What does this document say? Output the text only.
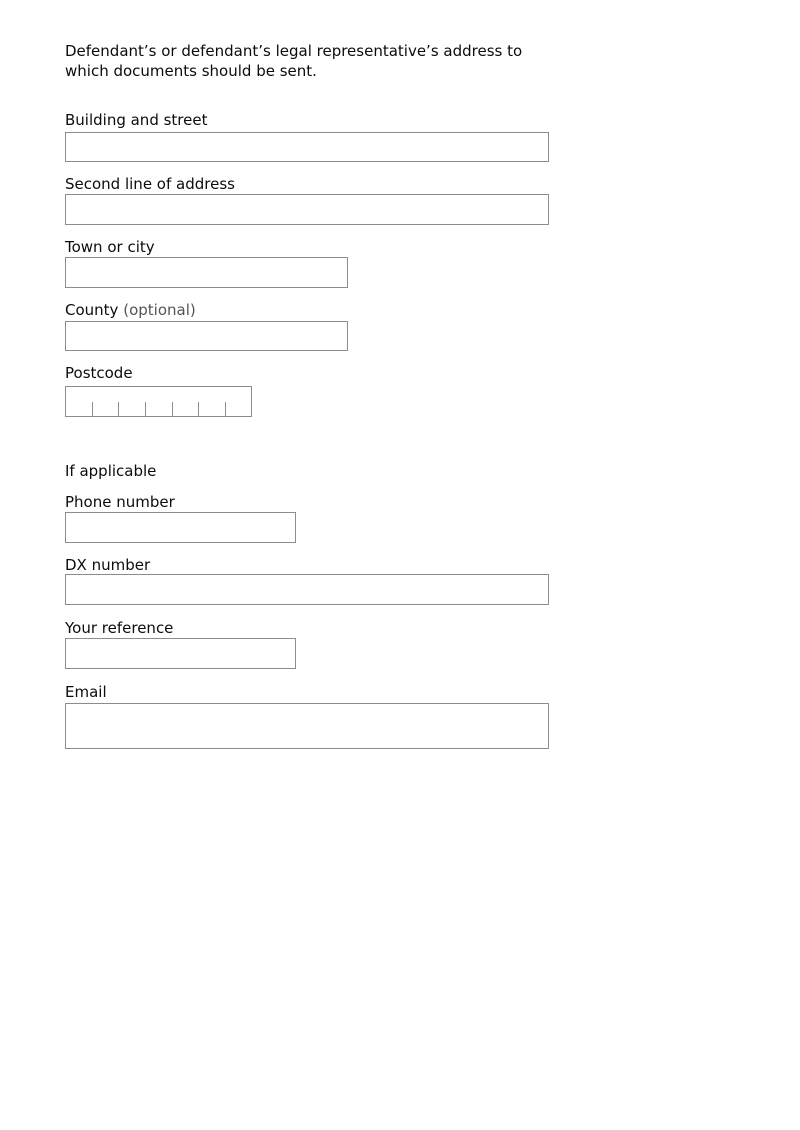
Defendant’s or defendant’s legal representative’s address to which documents should be sent.
Building and street
Second line of address
Town or city
County (optional)
Postcode
If applicable
Phone number
DX number
Your reference
Email
